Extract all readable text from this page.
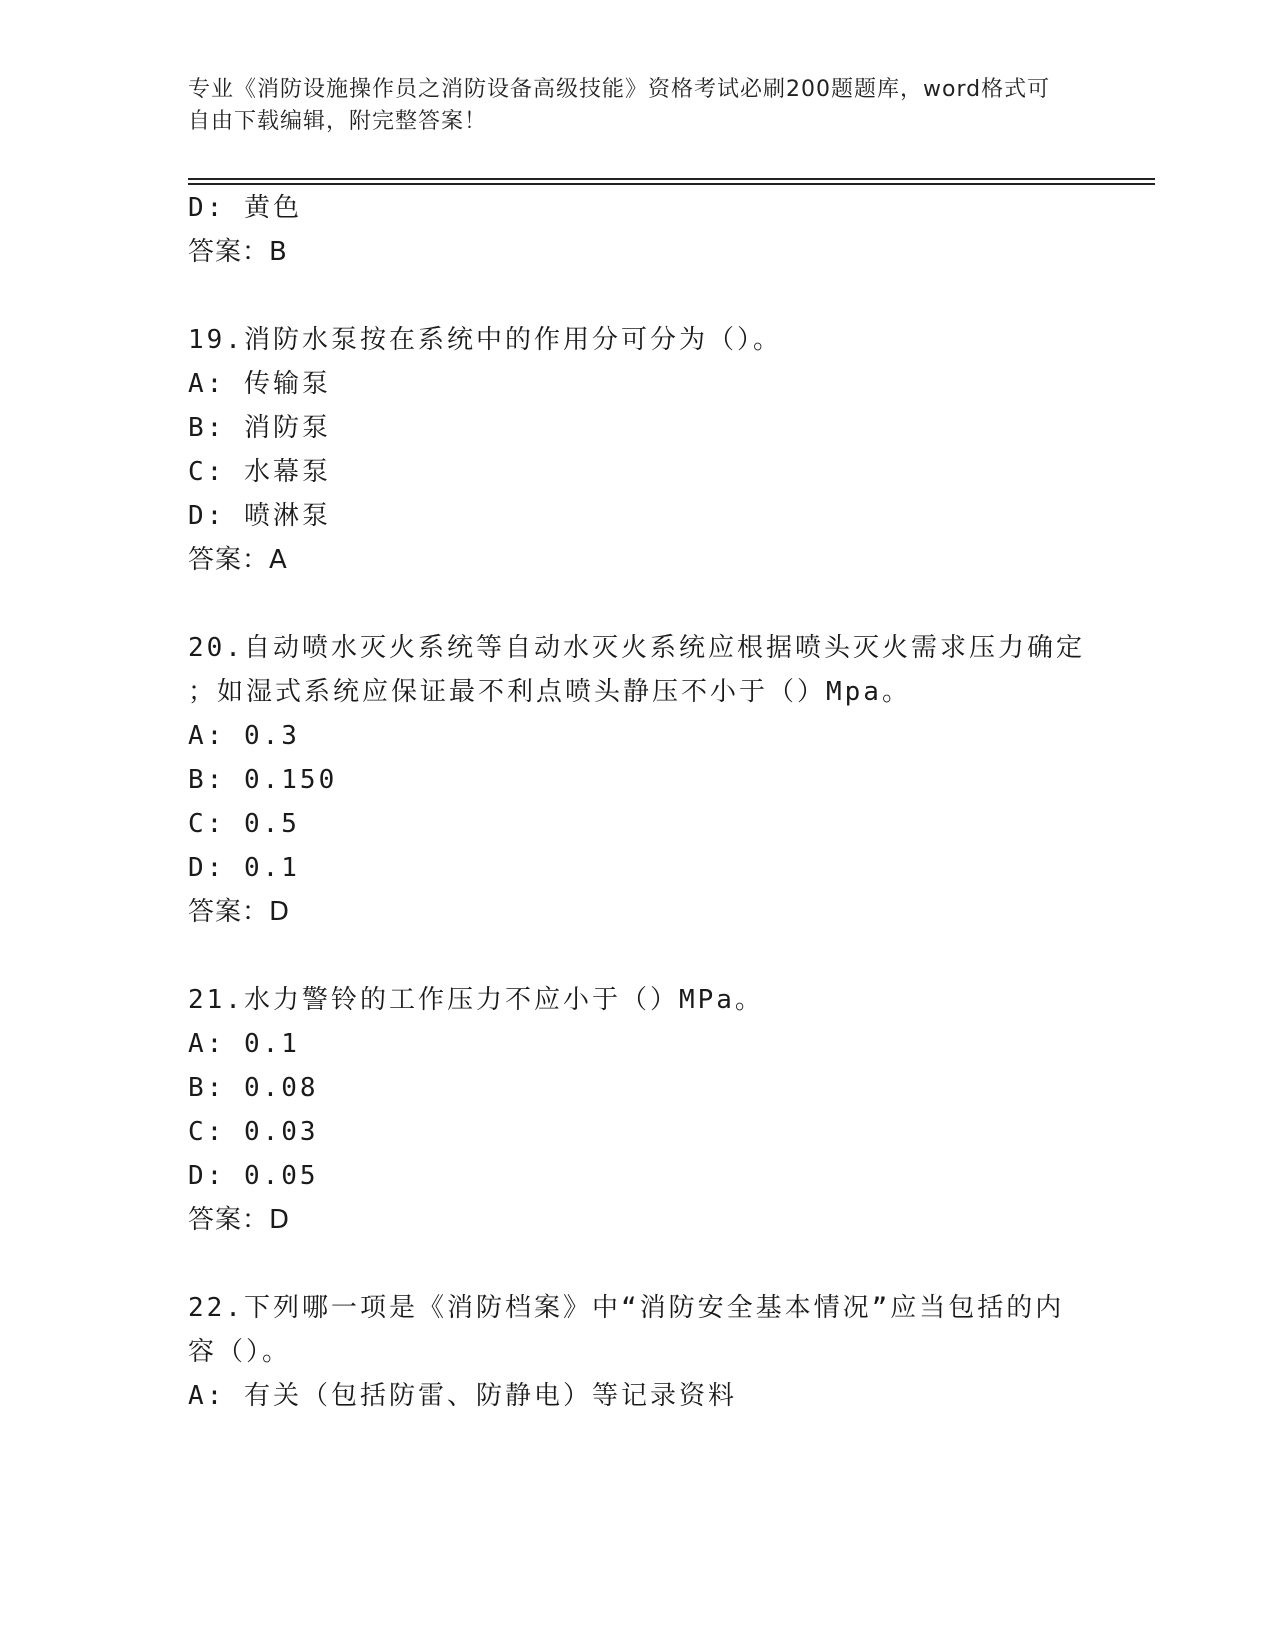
专业《消防设施操作员之消防设备高级技能》资格考试必刷200题题库，word格式可自由下载编辑，附完整答案！
D: 黄色
答案：B
19.消防水泵按在系统中的作用分可分为（）。
A: 传输泵
B: 消防泵
C: 水幕泵
D: 喷淋泵
答案：A
20.自动喷水灭火系统等自动水灭火系统应根据喷头灭火需求压力确定
；如湿式系统应保证最不利点喷头静压不小于（）Mpa。
A: 0.3
B: 0.150
C: 0.5
D: 0.1
答案：D
21.水力警铃的工作压力不应小于（）MPa。
A: 0.1
B: 0.08
C: 0.03
D: 0.05
答案：D
22.下列哪一项是《消防档案》中“消防安全基本情况”应当包括的内
容（）。
A: 有关（包括防雷、防静电）等记录资料
